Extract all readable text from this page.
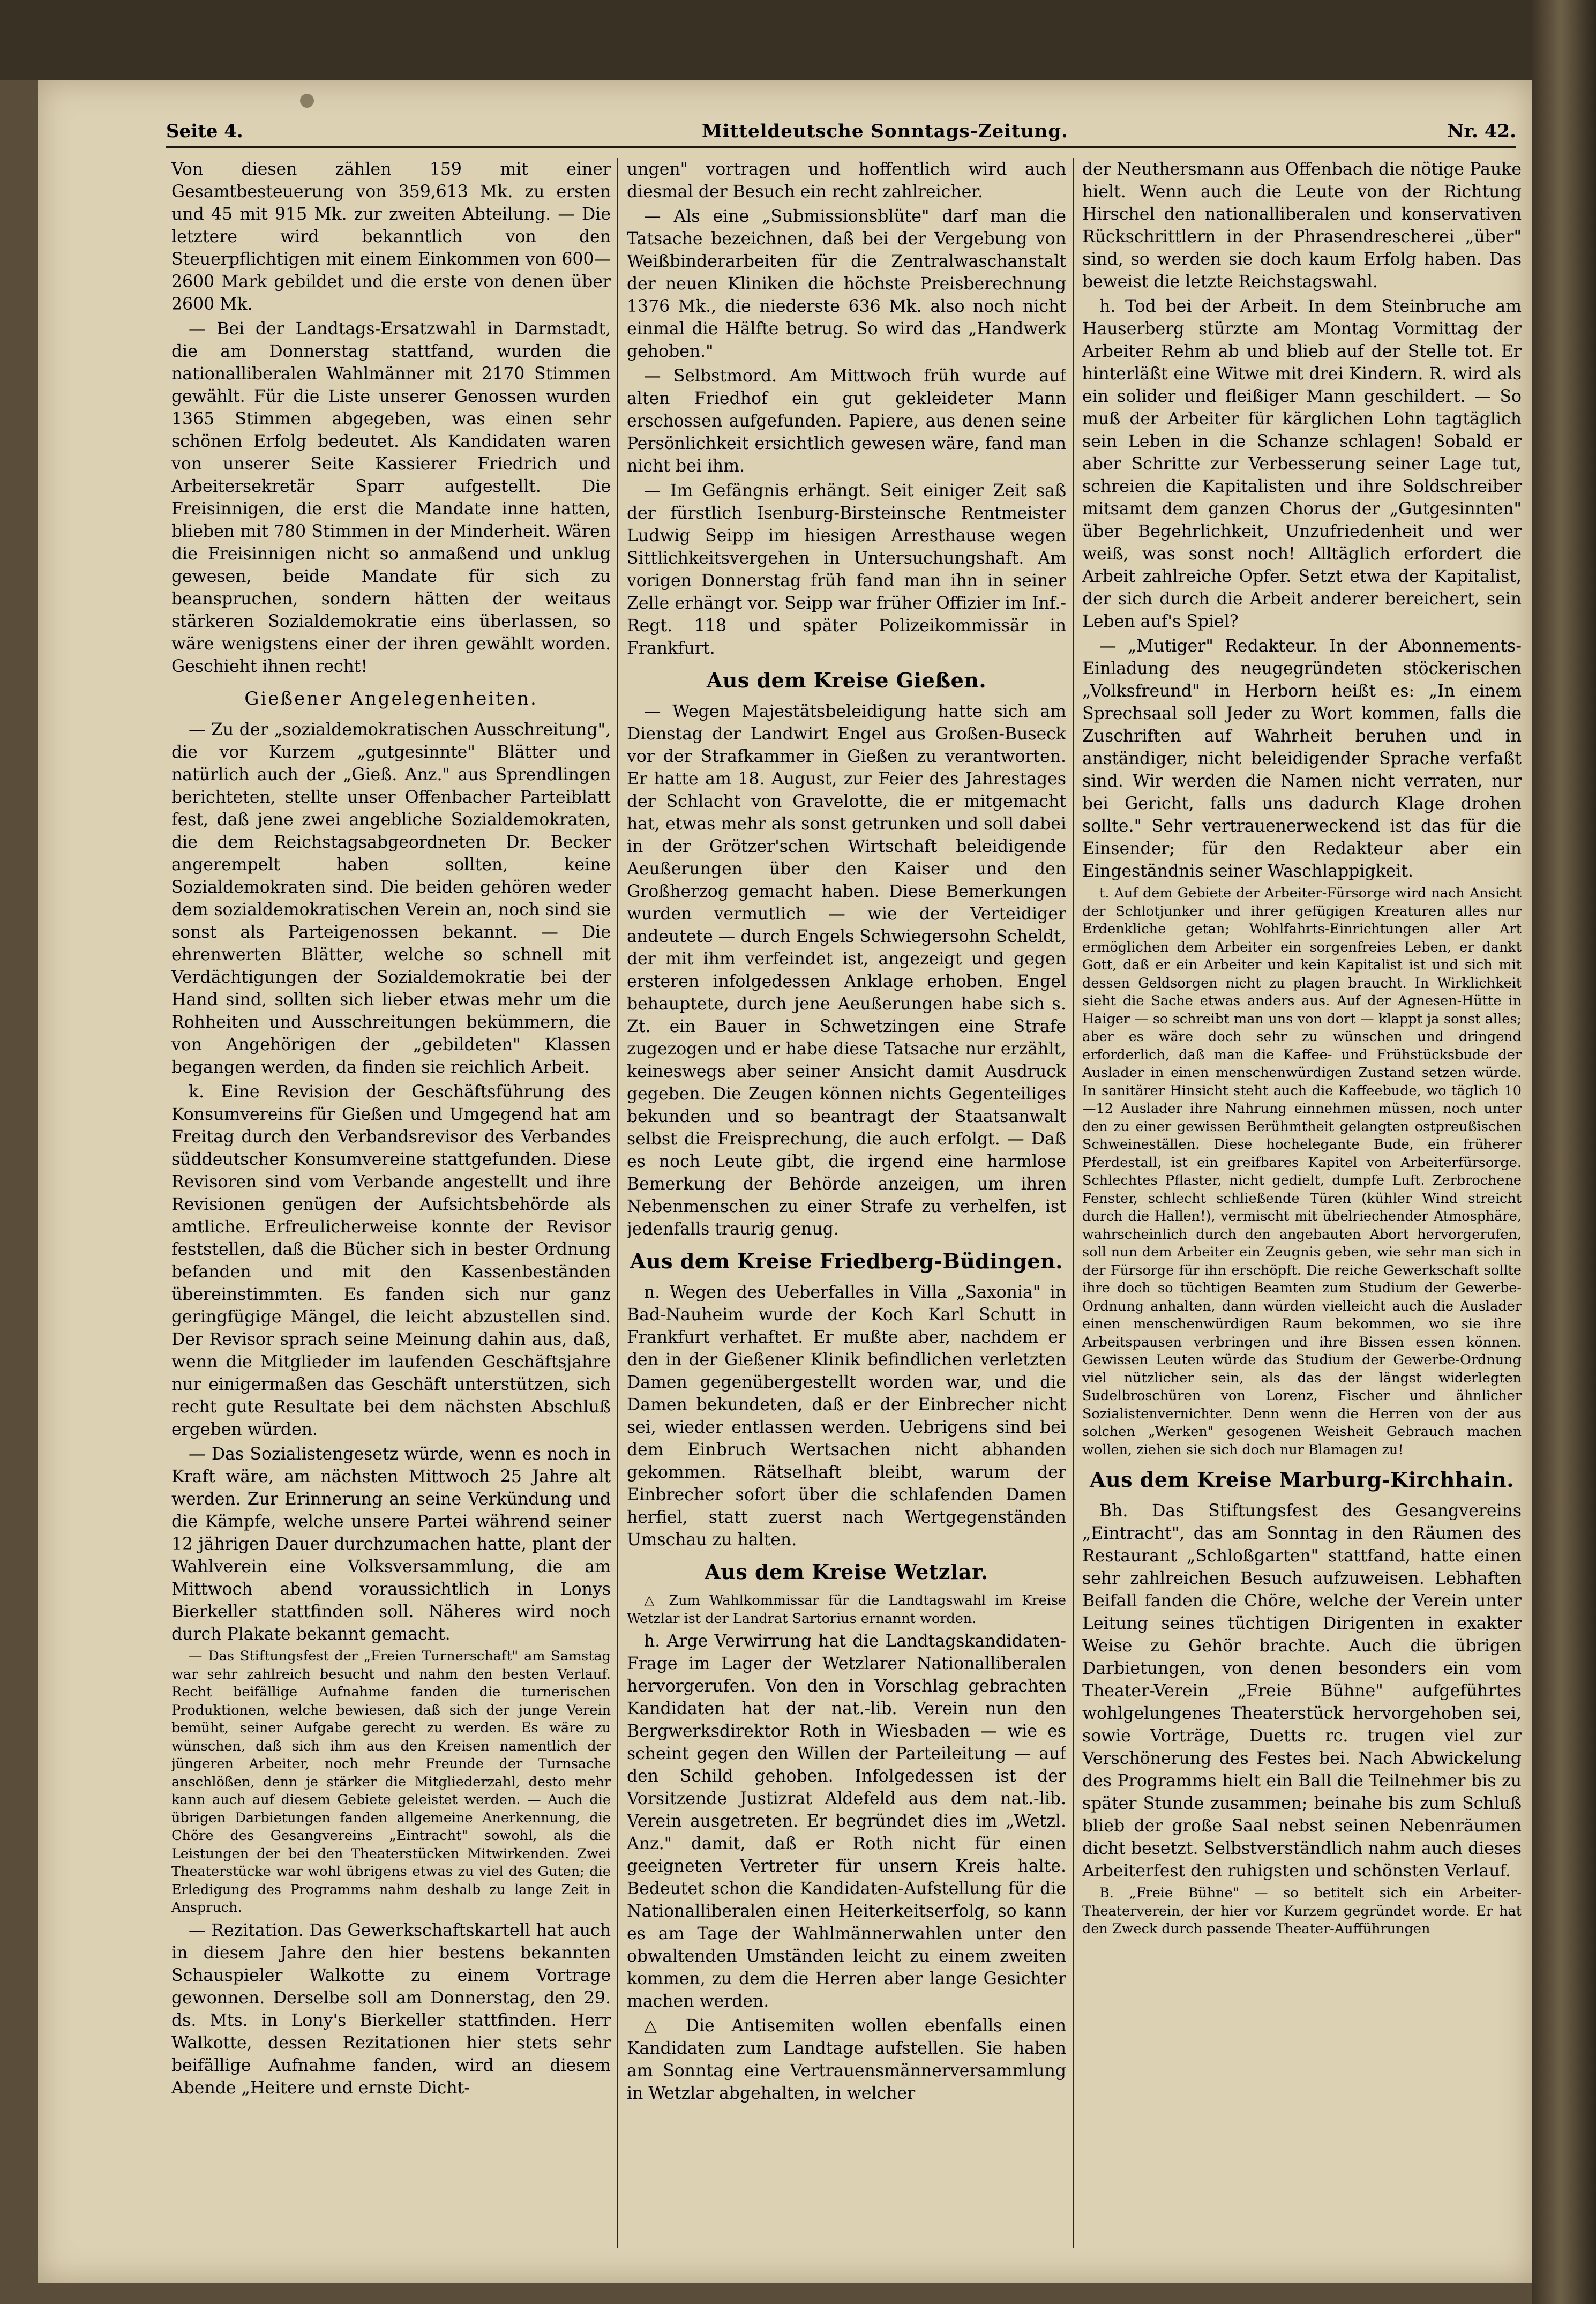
Seite 4.	Mitteldeutsche Sonntags-Zeitung.	Nr. 42.

Von diesen zählen 159 mit einer Gesamtbesteuerung von 359,613 Mk. zu ersten und 45 mit 915 Mk. zur zweiten Abteilung. — Die letztere wird bekanntlich von den Steuerpflichtigen mit einem Einkommen von 600—2600 Mark gebildet und die erste von denen über 2600 Mk.

— Bei der Landtags-Ersatzwahl in Darmstadt, die am Donnerstag stattfand, wurden die nationalliberalen Wahlmänner mit 2170 Stimmen gewählt. Für die Liste unserer Genossen wurden 1365 Stimmen abgegeben, was einen sehr schönen Erfolg bedeutet. Als Kandidaten waren von unserer Seite Kassierer Friedrich und Arbeitersekretär Sparr aufgestellt. Die Freisinnigen, die erst die Mandate inne hatten, blieben mit 780 Stimmen in der Minderheit. Wären die Freisinnigen nicht so anmaßend und unklug gewesen, beide Mandate für sich zu beanspruchen, sondern hätten der weitaus stärkeren Sozialdemokratie eins überlassen, so wäre wenigstens einer der ihren gewählt worden. Geschieht ihnen recht!

Gießener Angelegenheiten.

— Zu der „sozialdemokratischen Ausschreitung", die vor Kurzem „gutgesinnte" Blätter und natürlich auch der „Gieß. Anz." aus Sprendlingen berichteten, stellte unser Offenbacher Parteiblatt fest, daß jene zwei angebliche Sozialdemokraten, die dem Reichstagsabgeordneten Dr. Becker angerempelt haben sollten, keine Sozialdemokraten sind. Die beiden gehören weder dem sozialdemokratischen Verein an, noch sind sie sonst als Parteigenossen bekannt. — Die ehrenwerten Blätter, welche so schnell mit Verdächtigungen der Sozialdemokratie bei der Hand sind, sollten sich lieber etwas mehr um die Rohheiten und Ausschreitungen bekümmern, die von Angehörigen der „gebildeten" Klassen begangen werden, da finden sie reichlich Arbeit.

k. Eine Revision der Geschäftsführung des Konsumvereins für Gießen und Umgegend hat am Freitag durch den Verbandsrevisor des Verbandes süddeutscher Konsumvereine stattgefunden. Diese Revisoren sind vom Verbande angestellt und ihre Revisionen genügen der Aufsichtsbehörde als amtliche. Erfreulicherweise konnte der Revisor feststellen, daß die Bücher sich in bester Ordnung befanden und mit den Kassenbeständen übereinstimmten. Es fanden sich nur ganz geringfügige Mängel, die leicht abzustellen sind. Der Revisor sprach seine Meinung dahin aus, daß, wenn die Mitglieder im laufenden Geschäftsjahre nur einigermaßen das Geschäft unterstützen, sich recht gute Resultate bei dem nächsten Abschluß ergeben würden.

— Das Sozialistengesetz würde, wenn es noch in Kraft wäre, am nächsten Mittwoch 25 Jahre alt werden. Zur Erinnerung an seine Verkündung und die Kämpfe, welche unsere Partei während seiner 12 jährigen Dauer durchzumachen hatte, plant der Wahlverein eine Volksversammlung, die am Mittwoch abend voraussichtlich in Lonys Bierkeller stattfinden soll. Näheres wird noch durch Plakate bekannt gemacht.

— Das Stiftungsfest der „Freien Turnerschaft" am Samstag war sehr zahlreich besucht und nahm den besten Verlauf. Recht beifällige Aufnahme fanden die turnerischen Produktionen, welche bewiesen, daß sich der junge Verein bemüht, seiner Aufgabe gerecht zu werden. Es wäre zu wünschen, daß sich ihm aus den Kreisen namentlich der jüngeren Arbeiter, noch mehr Freunde der Turnsache anschlößen, denn je stärker die Mitgliederzahl, desto mehr kann auch auf diesem Gebiete geleistet werden. — Auch die übrigen Darbietungen fanden allgemeine Anerkennung, die Chöre des Gesangvereins „Eintracht" sowohl, als die Leistungen der bei den Theaterstücken Mitwirkenden. Zwei Theaterstücke war wohl übrigens etwas zu viel des Guten; die Erledigung des Programms nahm deshalb zu lange Zeit in Anspruch.

— Rezitation. Das Gewerkschaftskartell hat auch in diesem Jahre den hier bestens bekannten Schauspieler Walkotte zu einem Vortrage gewonnen. Derselbe soll am Donnerstag, den 29. ds. Mts. in Lony's Bierkeller stattfinden. Herr Walkotte, dessen Rezitationen hier stets sehr beifällige Aufnahme fanden, wird an diesem Abende „Heitere und ernste Dicht-

ungen" vortragen und hoffentlich wird auch diesmal der Besuch ein recht zahlreicher.

— Als eine „Submissionsblüte" darf man die Tatsache bezeichnen, daß bei der Vergebung von Weißbinderarbeiten für die Zentralwaschanstalt der neuen Kliniken die höchste Preisberechnung 1376 Mk., die niederste 636 Mk. also noch nicht einmal die Hälfte betrug. So wird das „Handwerk gehoben."

— Selbstmord. Am Mittwoch früh wurde auf alten Friedhof ein gut gekleideter Mann erschossen aufgefunden. Papiere, aus denen seine Persönlichkeit ersichtlich gewesen wäre, fand man nicht bei ihm.

— Im Gefängnis erhängt. Seit einiger Zeit saß der fürstlich Isenburg-Birsteinsche Rentmeister Ludwig Seipp im hiesigen Arresthause wegen Sittlichkeitsvergehen in Untersuchungshaft. Am vorigen Donnerstag früh fand man ihn in seiner Zelle erhängt vor. Seipp war früher Offizier im Inf.-Regt. 118 und später Polizeikommissär in Frankfurt.

Aus dem Kreise Gießen.

— Wegen Majestätsbeleidigung hatte sich am Dienstag der Landwirt Engel aus Großen-Buseck vor der Strafkammer in Gießen zu verantworten. Er hatte am 18. August, zur Feier des Jahrestages der Schlacht von Gravelotte, die er mitgemacht hat, etwas mehr als sonst getrunken und soll dabei in der Grötzer'schen Wirtschaft beleidigende Aeußerungen über den Kaiser und den Großherzog gemacht haben. Diese Bemerkungen wurden vermutlich — wie der Verteidiger andeutete — durch Engels Schwiegersohn Scheldt, der mit ihm verfeindet ist, angezeigt und gegen ersteren infolgedessen Anklage erhoben. Engel behauptete, durch jene Aeußerungen habe sich s. Zt. ein Bauer in Schwetzingen eine Strafe zugezogen und er habe diese Tatsache nur erzählt, keineswegs aber seiner Ansicht damit Ausdruck gegeben. Die Zeugen können nichts Gegenteiliges bekunden und so beantragt der Staatsanwalt selbst die Freisprechung, die auch erfolgt. — Daß es noch Leute gibt, die irgend eine harmlose Bemerkung der Behörde anzeigen, um ihren Nebenmenschen zu einer Strafe zu verhelfen, ist jedenfalls traurig genug.

Aus dem Kreise Friedberg-Büdingen.

n. Wegen des Ueberfalles in Villa „Saxonia" in Bad-Nauheim wurde der Koch Karl Schutt in Frankfurt verhaftet. Er mußte aber, nachdem er den in der Gießener Klinik befindlichen verletzten Damen gegenübergestellt worden war, und die Damen bekundeten, daß er der Einbrecher nicht sei, wieder entlassen werden. Uebrigens sind bei dem Einbruch Wertsachen nicht abhanden gekommen. Rätselhaft bleibt, warum der Einbrecher sofort über die schlafenden Damen herfiel, statt zuerst nach Wertgegenständen Umschau zu halten.

Aus dem Kreise Wetzlar.

△ Zum Wahlkommissar für die Landtagswahl im Kreise Wetzlar ist der Landrat Sartorius ernannt worden.

h. Arge Verwirrung hat die Landtagskandidaten-Frage im Lager der Wetzlarer Nationalliberalen hervorgerufen. Von den in Vorschlag gebrachten Kandidaten hat der nat.-lib. Verein nun den Bergwerksdirektor Roth in Wiesbaden — wie es scheint gegen den Willen der Parteileitung — auf den Schild gehoben. Infolgedessen ist der Vorsitzende Justizrat Aldefeld aus dem nat.-lib. Verein ausgetreten. Er begründet dies im „Wetzl. Anz." damit, daß er Roth nicht für einen geeigneten Vertreter für unsern Kreis halte. Bedeutet schon die Kandidaten-Aufstellung für die Nationalliberalen einen Heiterkeitserfolg, so kann es am Tage der Wahlmännerwahlen unter den obwaltenden Umständen leicht zu einem zweiten kommen, zu dem die Herren aber lange Gesichter machen werden.

△ Die Antisemiten wollen ebenfalls einen Kandidaten zum Landtage aufstellen. Sie haben am Sonntag eine Vertrauensmännerversammlung in Wetzlar abgehalten, in welcher

der Neuthersmann aus Offenbach die nötige Pauke hielt. Wenn auch die Leute von der Richtung Hirschel den nationalliberalen und konservativen Rückschrittlern in der Phrasendrescherei „über" sind, so werden sie doch kaum Erfolg haben. Das beweist die letzte Reichstagswahl.

h. Tod bei der Arbeit. In dem Steinbruche am Hauserberg stürzte am Montag Vormittag der Arbeiter Rehm ab und blieb auf der Stelle tot. Er hinterläßt eine Witwe mit drei Kindern. R. wird als ein solider und fleißiger Mann geschildert. — So muß der Arbeiter für kärglichen Lohn tagtäglich sein Leben in die Schanze schlagen! Sobald er aber Schritte zur Verbesserung seiner Lage tut, schreien die Kapitalisten und ihre Soldschreiber mitsamt dem ganzen Chorus der „Gutgesinnten" über Begehrlichkeit, Unzufriedenheit und wer weiß, was sonst noch! Alltäglich erfordert die Arbeit zahlreiche Opfer. Setzt etwa der Kapitalist, der sich durch die Arbeit anderer bereichert, sein Leben auf's Spiel?

— „Mutiger" Redakteur. In der Abonnements-Einladung des neugegründeten stöckerischen „Volksfreund" in Herborn heißt es: „In einem Sprechsaal soll Jeder zu Wort kommen, falls die Zuschriften auf Wahrheit beruhen und in anständiger, nicht beleidigender Sprache verfaßt sind. Wir werden die Namen nicht verraten, nur bei Gericht, falls uns dadurch Klage drohen sollte." Sehr vertrauenerweckend ist das für die Einsender; für den Redakteur aber ein Eingeständnis seiner Waschlappigkeit.

t. Auf dem Gebiete der Arbeiter-Fürsorge wird nach Ansicht der Schlotjunker und ihrer gefügigen Kreaturen alles nur Erdenkliche getan; Wohlfahrts-Einrichtungen aller Art ermöglichen dem Arbeiter ein sorgenfreies Leben, er dankt Gott, daß er ein Arbeiter und kein Kapitalist ist und sich mit dessen Geldsorgen nicht zu plagen braucht. In Wirklichkeit sieht die Sache etwas anders aus. Auf der Agnesen-Hütte in Haiger — so schreibt man uns von dort — klappt ja sonst alles; aber es wäre doch sehr zu wünschen und dringend erforderlich, daß man die Kaffee- und Frühstücksbude der Auslader in einen menschenwürdigen Zustand setzen würde. In sanitärer Hinsicht steht auch die Kaffeebude, wo täglich 10—12 Auslader ihre Nahrung einnehmen müssen, noch unter den zu einer gewissen Berühmtheit gelangten ostpreußischen Schweineställen. Diese hochelegante Bude, ein früherer Pferdestall, ist ein greifbares Kapitel von Arbeiterfürsorge. Schlechtes Pflaster, nicht gedielt, dumpfe Luft. Zerbrochene Fenster, schlecht schließende Türen (kühler Wind streicht durch die Hallen!), vermischt mit übelriechender Atmosphäre, wahrscheinlich durch den angebauten Abort hervorgerufen, soll nun dem Arbeiter ein Zeugnis geben, wie sehr man sich in der Fürsorge für ihn erschöpft. Die reiche Gewerkschaft sollte ihre doch so tüchtigen Beamten zum Studium der Gewerbe-Ordnung anhalten, dann würden vielleicht auch die Auslader einen menschenwürdigen Raum bekommen, wo sie ihre Arbeitspausen verbringen und ihre Bissen essen können. Gewissen Leuten würde das Studium der Gewerbe-Ordnung viel nützlicher sein, als das der längst widerlegten Sudelbroschüren von Lorenz, Fischer und ähnlicher Sozialistenvernichter. Denn wenn die Herren von der aus solchen „Werken" gesogenen Weisheit Gebrauch machen wollen, ziehen sie sich doch nur Blamagen zu!

Aus dem Kreise Marburg-Kirchhain.

Bh. Das Stiftungsfest des Gesangvereins „Eintracht", das am Sonntag in den Räumen des Restaurant „Schloßgarten" stattfand, hatte einen sehr zahlreichen Besuch aufzuweisen. Lebhaften Beifall fanden die Chöre, welche der Verein unter Leitung seines tüchtigen Dirigenten in exakter Weise zu Gehör brachte. Auch die übrigen Darbietungen, von denen besonders ein vom Theater-Verein „Freie Bühne" aufgeführtes wohlgelungenes Theaterstück hervorgehoben sei, sowie Vorträge, Duetts rc. trugen viel zur Verschönerung des Festes bei. Nach Abwickelung des Programms hielt ein Ball die Teilnehmer bis zu später Stunde zusammen; beinahe bis zum Schluß blieb der große Saal nebst seinen Nebenräumen dicht besetzt. Selbstverständlich nahm auch dieses Arbeiterfest den ruhigsten und schönsten Verlauf.

B. „Freie Bühne" — so betitelt sich ein Arbeiter-Theaterverein, der hier vor Kurzem gegründet worde. Er hat den Zweck durch passende Theater-Aufführungen
